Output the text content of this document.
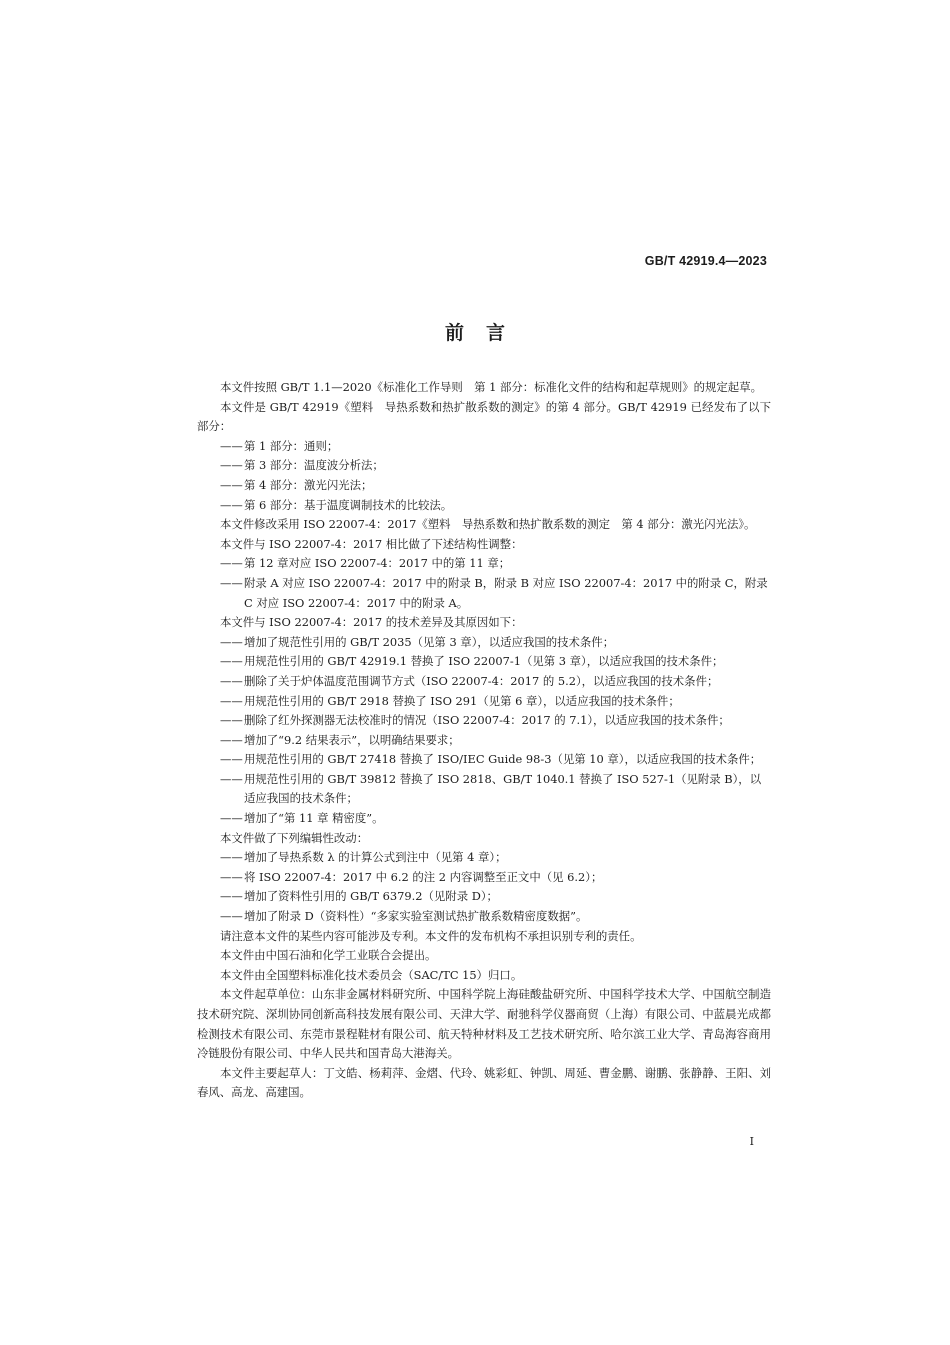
GB/T 42919.4—2023
前言

本文件按照 GB/T 1.1—2020《标准化工作导则　第 1 部分：标准化文件的结构和起草规则》的规定起草。

本文件是 GB/T 42919《塑料　导热系数和热扩散系数的测定》的第 4 部分。GB/T 42919 已经发布了以下部分：

——第 1 部分：通则；
——第 3 部分：温度波分析法；
——第 4 部分：激光闪光法；
——第 6 部分：基于温度调制技术的比较法。

本文件修改采用 ISO 22007-4：2017《塑料　导热系数和热扩散系数的测定　第 4 部分：激光闪光法》。

本文件与 ISO 22007-4：2017 相比做了下述结构性调整：

——第 12 章对应 ISO 22007-4：2017 中的第 11 章；
——附录 A 对应 ISO 22007-4：2017 中的附录 B，附录 B 对应 ISO 22007-4：2017 中的附录 C，附录 C 对应 ISO 22007-4：2017 中的附录 A。

本文件与 ISO 22007-4：2017 的技术差异及其原因如下：

——增加了规范性引用的 GB/T 2035（见第 3 章），以适应我国的技术条件；
——用规范性引用的 GB/T 42919.1 替换了 ISO 22007-1（见第 3 章），以适应我国的技术条件；
——删除了关于炉体温度范围调节方式（ISO 22007-4：2017 的 5.2），以适应我国的技术条件；
——用规范性引用的 GB/T 2918 替换了 ISO 291（见第 6 章），以适应我国的技术条件；
——删除了红外探测器无法校准时的情况（ISO 22007-4：2017 的 7.1），以适应我国的技术条件；
——增加了“9.2 结果表示”，以明确结果要求；
——用规范性引用的 GB/T 27418 替换了 ISO/IEC Guide 98-3（见第 10 章），以适应我国的技术条件；
——用规范性引用的 GB/T 39812 替换了 ISO 2818、GB/T 1040.1 替换了 ISO 527-1（见附录 B），以适应我国的技术条件；
——增加了“第 11 章 精密度”。

本文件做了下列编辑性改动：

——增加了导热系数 λ 的计算公式到注中（见第 4 章）；
——将 ISO 22007-4：2017 中 6.2 的注 2 内容调整至正文中（见 6.2）；
——增加了资料性引用的 GB/T 6379.2（见附录 D）；
——增加了附录 D（资料性）“多家实验室测试热扩散系数精密度数据”。

请注意本文件的某些内容可能涉及专利。本文件的发布机构不承担识别专利的责任。

本文件由中国石油和化学工业联合会提出。

本文件由全国塑料标准化技术委员会（SAC/TC 15）归口。

本文件起草单位：山东非金属材料研究所、中国科学院上海硅酸盐研究所、中国科学技术大学、中国航空制造技术研究院、深圳协同创新高科技发展有限公司、天津大学、耐驰科学仪器商贸（上海）有限公司、中蓝晨光成都检测技术有限公司、东莞市景程鞋材有限公司、航天特种材料及工艺技术研究所、哈尔滨工业大学、青岛海容商用冷链股份有限公司、中华人民共和国青岛大港海关。

本文件主要起草人：丁文皓、杨莉萍、金熠、代玲、姚彩虹、钟凯、周延、曹金鹏、谢鹏、张静静、王阳、刘春风、高龙、高建国。

I
